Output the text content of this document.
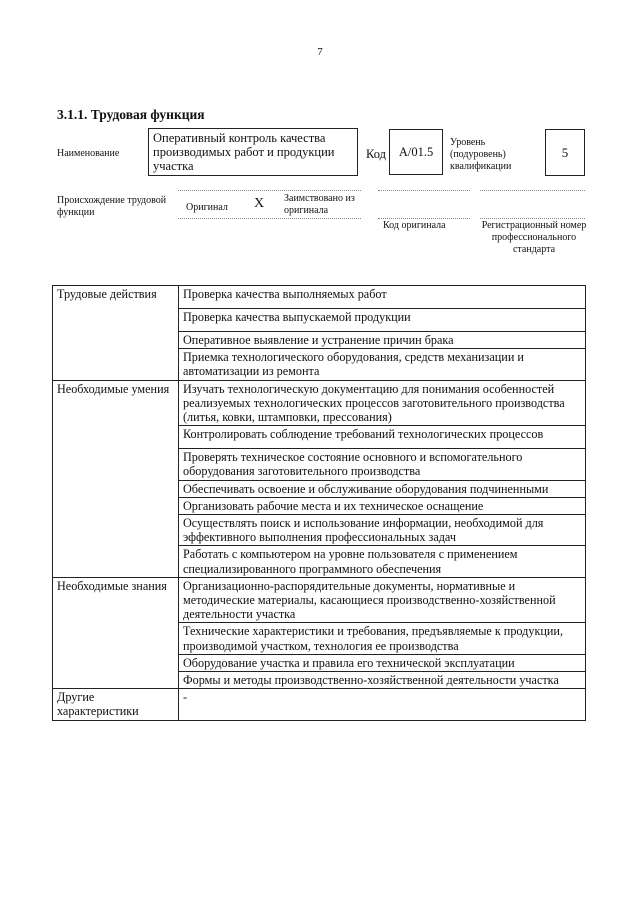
7
3.1.1. Трудовая функция
Наименование
Оперативный контроль качества производимых работ и продукции участка
Код	A/01.5
Уровень (подуровень) квалификации
5
Происхождение трудовой функции	Оригинал X Заимствовано из оригинала
Код оригинала	Регистрационный номер профессионального стандарта
Трудовые действия	Проверка качества выполняемых работ
	Проверка качества выпускаемой продукции
	Оперативное выявление и устранение причин брака
	Приемка технологического оборудования, средств механизации и автоматизации из ремонта
Необходимые умения	Изучать технологическую документацию для понимания особенностей реализуемых технологических процессов заготовительного производства (литья, ковки, штамповки, прессования)
	Контролировать соблюдение требований технологических процессов
	Проверять техническое состояние основного и вспомогательного оборудования заготовительного производства
	Обеспечивать освоение и обслуживание оборудования подчиненными
	Организовать рабочие места и их техническое оснащение
	Осуществлять поиск и использование информации, необходимой для эффективного выполнения профессиональных задач
	Работать с компьютером на уровне пользователя с применением специализированного программного обеспечения
Необходимые знания	Организационно-распорядительные документы, нормативные и методические материалы, касающиеся производственно-хозяйственной деятельности участка
	Технические характеристики и требования, предъявляемые к продукции, производимой участком, технология ее производства
	Оборудование участка и правила его технической эксплуатации
	Формы и методы производственно-хозяйственной деятельности участка
Другие характеристики	-
